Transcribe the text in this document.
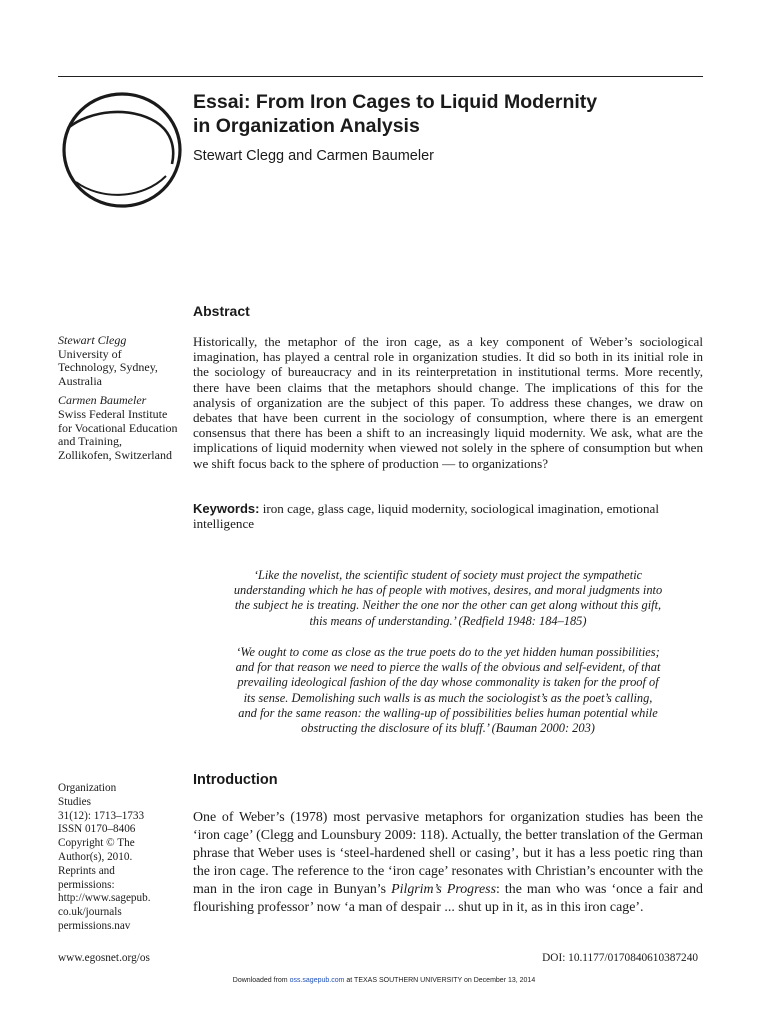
Essai: From Iron Cages to Liquid Modernity
in Organization Analysis
Stewart Clegg and Carmen Baumeler
Abstract
Historically, the metaphor of the iron cage, as a key component of Weber’s sociological imagination, has played a central role in organization studies. It did so both in its initial role in the sociology of bureaucracy and in its reinterpretation in institutional terms. More recently, there have been claims that the metaphors should change. The implications of this for the analysis of organization are the subject of this paper. To address these changes, we draw on debates that have been current in the sociology of consumption, where there is an emergent consensus that there has been a shift to an increasingly liquid modernity. We ask, what are the implications of liquid modernity when viewed not solely in the sphere of consumption but when we shift focus back to the sphere of production — to organizations?
Stewart Clegg
University of
Technology, Sydney,
Australia
Carmen Baumeler
Swiss Federal Institute
for Vocational Education
and Training,
Zollikofen, Switzerland
Keywords: iron cage, glass cage, liquid modernity, sociological imagination, emotional intelligence
‘Like the novelist, the scientific student of society must project the sympathetic
understanding which he has of people with motives, desires, and moral judgments into
the subject he is treating. Neither the one nor the other can get along without this gift,
this means of understanding.’ (Redfield 1948: 184–185)
‘We ought to come as close as the true poets do to the yet hidden human possibilities;
and for that reason we need to pierce the walls of the obvious and self-evident, of that
prevailing ideological fashion of the day whose commonality is taken for the proof of
its sense. Demolishing such walls is as much the sociologist’s as the poet’s calling,
and for the same reason: the walling-up of possibilities belies human potential while
obstructing the disclosure of its bluff.’ (Bauman 2000: 203)
Introduction
One of Weber’s (1978) most pervasive metaphors for organization studies has been the ‘iron cage’ (Clegg and Lounsbury 2009: 118). Actually, the better translation of the German phrase that Weber uses is ‘steel-hardened shell or casing’, but it has a less poetic ring than the iron cage. The reference to the ‘iron cage’ resonates with Christian’s encounter with the man in the iron cage in Bunyan’s Pilgrim’s Progress: the man who was ‘once a fair and flourishing professor’ now ‘a man of despair ... shut up in it, as in this iron cage’.
Organization
Studies
31(12): 1713–1733
ISSN 0170–8406
Copyright © The
Author(s), 2010.
Reprints and
permissions:
http://www.sagepub.
co.uk/journals
permissions.nav
www.egosnet.org/os	DOI: 10.1177/0170840610387240
Downloaded from oss.sagepub.com at TEXAS SOUTHERN UNIVERSITY on December 13, 2014
